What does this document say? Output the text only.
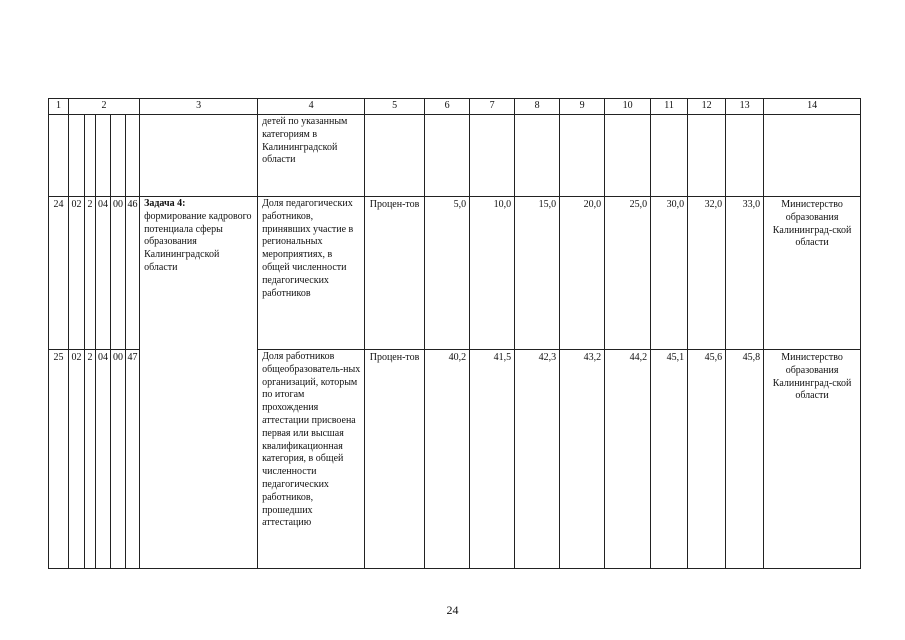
1	2					3	4	5	6	7	8	9	10	11	12	13	14
							детей по указанным категориям в Калининградской области										
24	02	2	04	00	46	Задача 4:
формирование кадрового потенциала сферы образования Калининградской области	Доля педагогических работников, принявших участие в региональных мероприятиях, в общей численности педагогических работников	Процен-тов	5,0	10,0	15,0	20,0	25,0	30,0	32,0	33,0	Министерство образования Калининград-ской области
25	02	2	04	00	47		Доля работников общеобразователь-ных организаций, которым по итогам прохождения аттестации присвоена первая или высшая квалификационная категория, в общей численности педагогических работников, прошедших аттестацию	Процен-тов	40,2	41,5	42,3	43,2	44,2	45,1	45,6	45,8	Министерство образования Калининград-ской области
24
